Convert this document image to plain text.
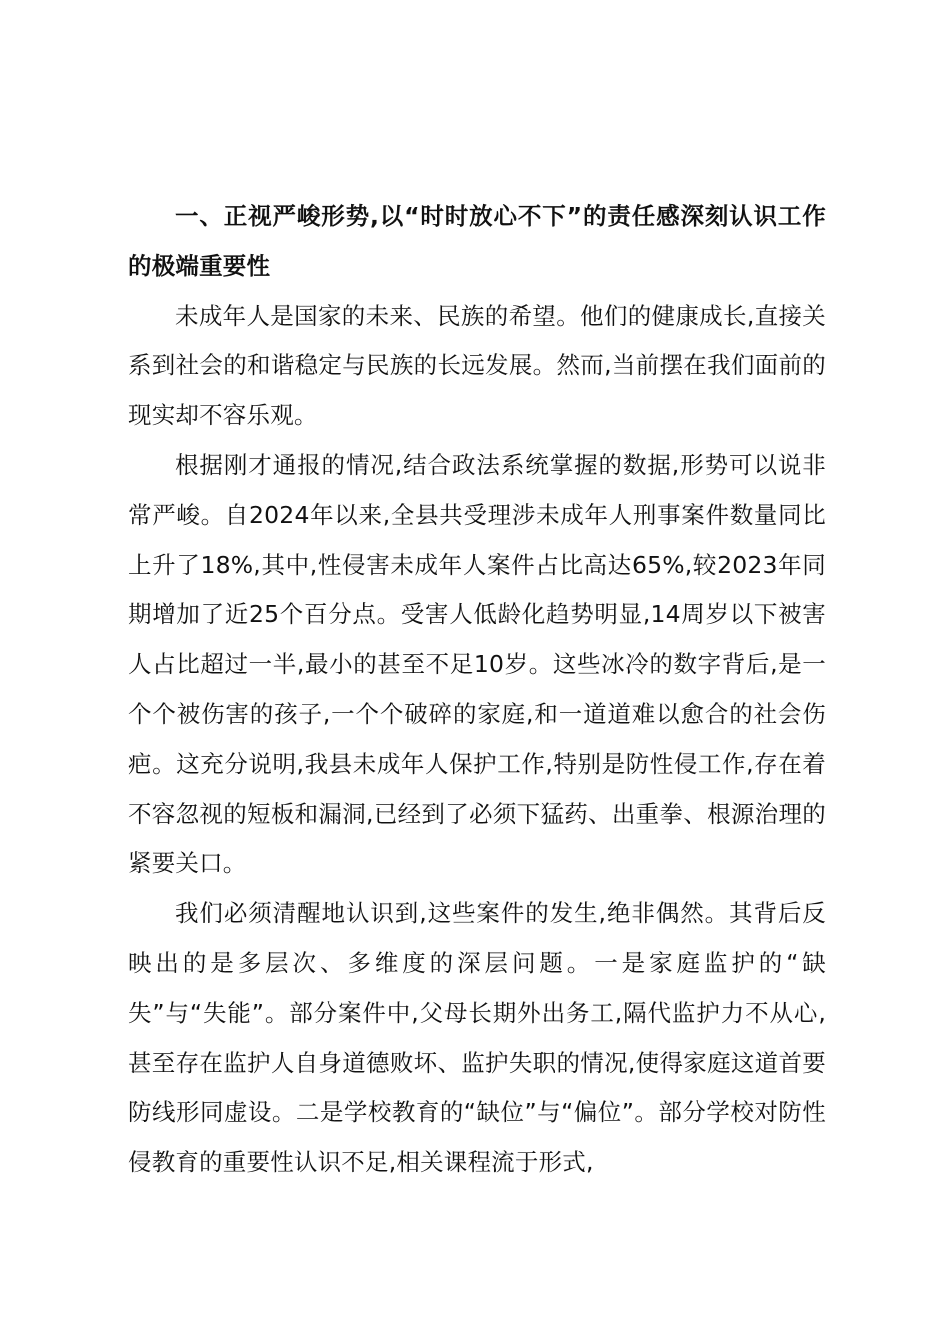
一、正视严峻形势,以“时时放心不下”的责任感深刻认识工作的极端重要性

未成年人是国家的未来、民族的希望。他们的健康成长,直接关系到社会的和谐稳定与民族的长远发展。然而,当前摆在我们面前的现实却不容乐观。

根据刚才通报的情况,结合政法系统掌握的数据,形势可以说非常严峻。自2024年以来,全县共受理涉未成年人刑事案件数量同比上升了18%,其中,性侵害未成年人案件占比高达65%,较2023年同期增加了近25个百分点。受害人低龄化趋势明显,14周岁以下被害人占比超过一半,最小的甚至不足10岁。这些冰冷的数字背后,是一个个被伤害的孩子,一个个破碎的家庭,和一道道难以愈合的社会伤疤。这充分说明,我县未成年人保护工作,特别是防性侵工作,存在着不容忽视的短板和漏洞,已经到了必须下猛药、出重拳、根源治理的紧要关口。

我们必须清醒地认识到,这些案件的发生,绝非偶然。其背后反映出的是多层次、多维度的深层问题。一是家庭监护的“缺失”与“失能”。部分案件中,父母长期外出务工,隔代监护力不从心,甚至存在监护人自身道德败坏、监护失职的情况,使得家庭这道首要防线形同虚设。二是学校教育的“缺位”与“偏位”。部分学校对防性侵教育的重要性认识不足,相关课程流于形式,
